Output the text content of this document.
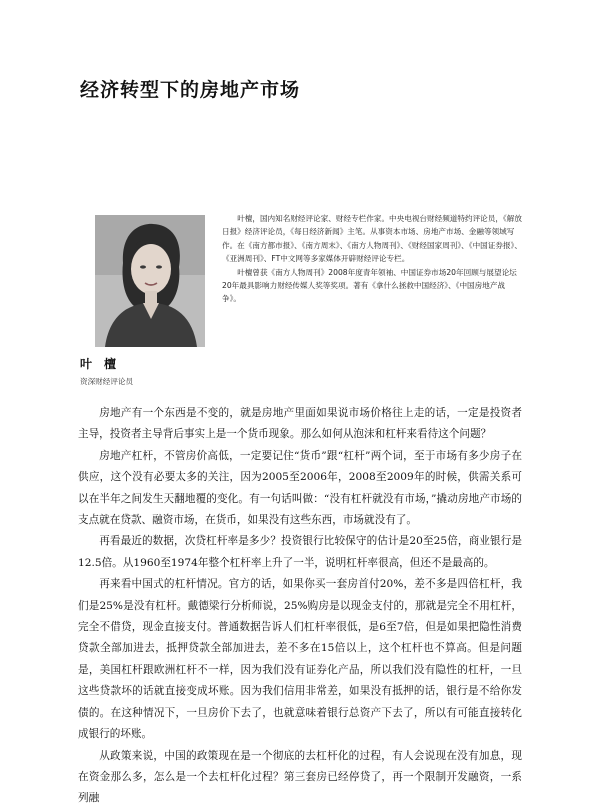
经济转型下的房地产市场

叶檀，国内知名财经评论家、财经专栏作家。中央电视台财经频道特约评论员，《解放日报》经济评论员，《每日经济新闻》主笔。从事资本市场、房地产市场、金融等领域写作。在《南方都市报》、《南方周末》、《南方人物周刊》、《财经国家周刊》、《中国证券报》、《亚洲周刊》、FT中文网等多家媒体开辟财经评论专栏。

叶檀曾获《南方人物周刊》2008年度青年领袖、中国证券市场20年回顾与展望论坛20年最具影响力财经传媒人奖等奖项。著有《拿什么拯救中国经济》、《中国房地产战争》。

叶檀

资深财经评论员

房地产有一个东西是不变的，就是房地产里面如果说市场价格往上走的话，一定是投资者主导，投资者主导背后事实上是一个货币现象。那么如何从泡沫和杠杆来看待这个问题？

房地产杠杆，不管房价高低，一定要记住“货币”跟“杠杆”两个词，至于市场有多少房子在供应，这个没有必要太多的关注，因为2005至2006年，2008至2009年的时候，供需关系可以在半年之间发生天翻地覆的变化。有一句话叫做：“没有杠杆就没有市场，”撬动房地产市场的支点就在贷款、融资市场，在货币，如果没有这些东西，市场就没有了。

再看最近的数据，次贷杠杆率是多少？投资银行比较保守的估计是20至25倍，商业银行是12.5倍。从1960至1974年整个杠杆率上升了一半，说明杠杆率很高，但还不是最高的。

再来看中国式的杠杆情况。官方的话，如果你买一套房首付20%，差不多是四倍杠杆，我们是25%是没有杠杆。戴德梁行分析师说，25%购房是以现金支付的，那就是完全不用杠杆，完全不借贷，现金直接支付。普通数据告诉人们杠杆率很低，是6至7倍，但是如果把隐性消费贷款全部加进去，抵押贷款全部加进去，差不多在15倍以上，这个杠杆也不算高。但是问题是，美国杠杆跟欧洲杠杆不一样，因为我们没有证券化产品，所以我们没有隐性的杠杆，一旦这些贷款坏的话就直接变成坏账。因为我们信用非常差，如果没有抵押的话，银行是不给你发债的。在这种情况下，一旦房价下去了，也就意味着银行总资产下去了，所以有可能直接转化成银行的坏账。

从政策来说，中国的政策现在是一个彻底的去杠杆化的过程，有人会说现在没有加息，现在资金那么多，怎么是一个去杠杆化过程？第三套房已经停贷了，再一个限制开发融资，一系列融
